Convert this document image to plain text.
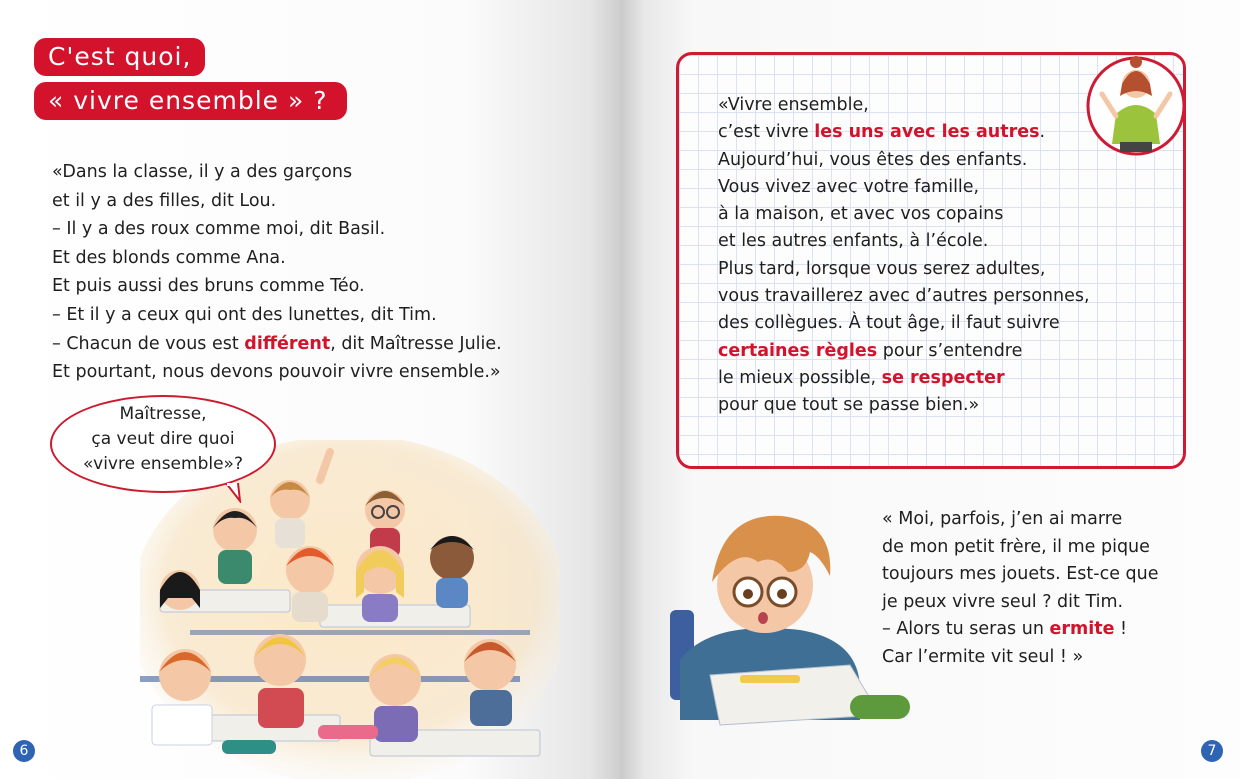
C'est quoi,
« vivre ensemble » ?
«Dans la classe, il y a des garçons
et il y a des filles, dit Lou.
– Il y a des roux comme moi, dit Basil.
Et des blonds comme Ana.
Et puis aussi des bruns comme Téo.
– Et il y a ceux qui ont des lunettes, dit Tim.
– Chacun de vous est différent, dit Maîtresse Julie.
Et pourtant, nous devons pouvoir vivre ensemble.»
Maîtresse,
ça veut dire quoi
«vivre ensemble»?
6
«Vivre ensemble,
c’est vivre les uns avec les autres.
Aujourd’hui, vous êtes des enfants.
Vous vivez avec votre famille,
à la maison, et avec vos copains
et les autres enfants, à l’école.
Plus tard, lorsque vous serez adultes,
vous travaillerez avec d’autres personnes,
des collègues. À tout âge, il faut suivre
certaines règles pour s’entendre
le mieux possible, se respecter
pour que tout se passe bien.»
« Moi, parfois, j’en ai marre
de mon petit frère, il me pique
toujours mes jouets. Est-ce que
je peux vivre seul ? dit Tim.
– Alors tu seras un ermite !
Car l’ermite vit seul ! »
7
